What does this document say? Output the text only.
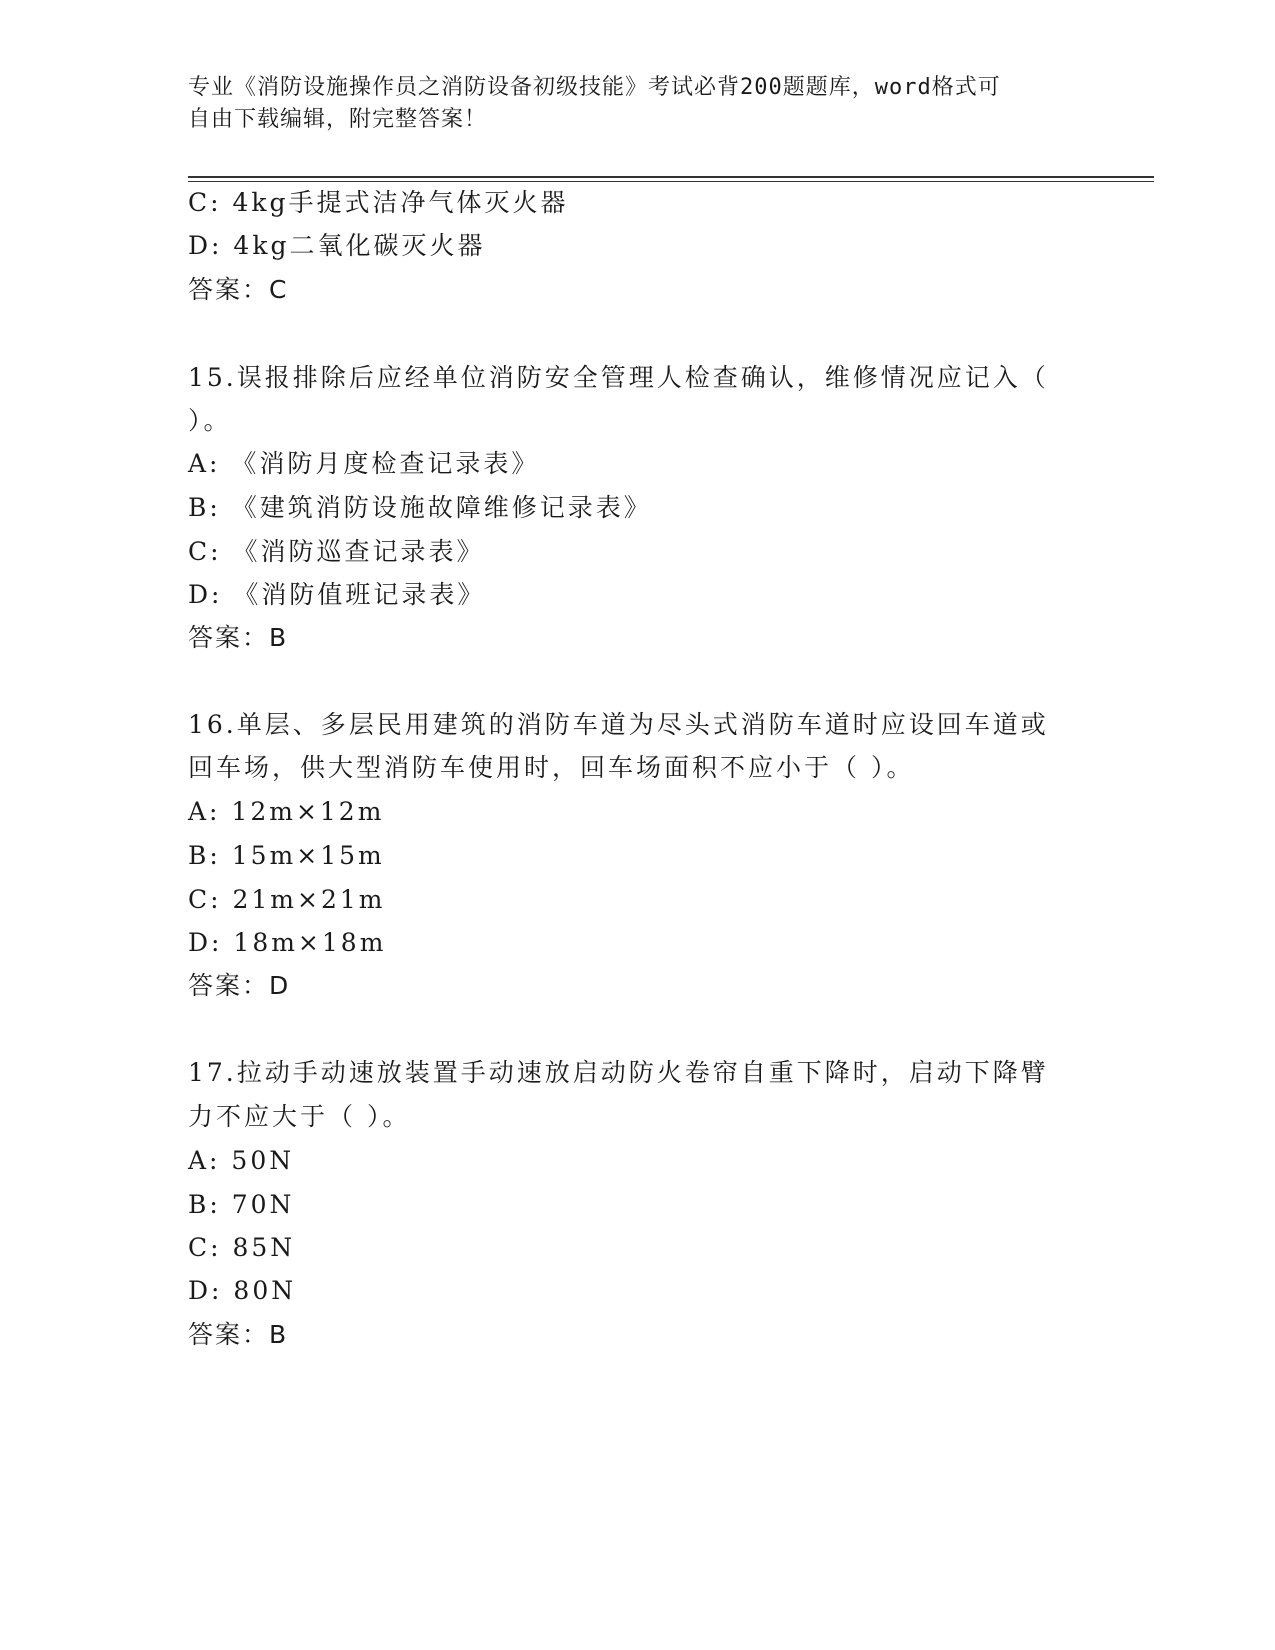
专业《消防设施操作员之消防设备初级技能》考试必背200题题库，word格式可
自由下载编辑，附完整答案！
C: 4kg手提式洁净气体灭火器
D: 4kg二氧化碳灭火器
答案：C
15.误报排除后应经单位消防安全管理人检查确认，维修情况应记入（
）。
A: 《消防月度检查记录表》
B: 《建筑消防设施故障维修记录表》
C: 《消防巡查记录表》
D: 《消防值班记录表》
答案：B
16.单层、多层民用建筑的消防车道为尽头式消防车道时应设回车道或
回车场，供大型消防车使用时，回车场面积不应小于（ ）。
A: 12m×12m
B: 15m×15m
C: 21m×21m
D: 18m×18m
答案：D
17.拉动手动速放装置手动速放启动防火卷帘自重下降时，启动下降臂
力不应大于（ ）。
A: 50N
B: 70N
C: 85N
D: 80N
答案：B
